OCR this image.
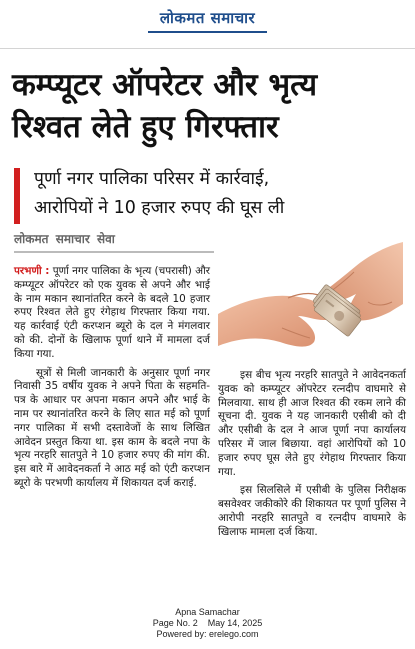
लोकमत समाचार
कम्प्यूटर ऑपरेटर और भृत्य
रिश्वत लेते हुए गिरफ्तार
पूर्णा नगर पालिका परिसर में कार्रवाई,
आरोपियों ने 10 हजार रुपए की घूस ली
लोकमत समाचार सेवा

परभणी : पूर्णा नगर पालिका के भृत्य (चपरासी) और कम्प्यूटर ऑपरेटर को एक युवक से अपने और भाई के नाम मकान स्थानांतरित करने के बदले 10 हजार रुपए रिश्वत लेते हुए रंगेहाथ गिरफ्तार किया गया. यह कार्रवाई एंटी करप्शन ब्यूरो के दल ने मंगलवार को की. दोनों के खिलाफ पूर्णा थाने में मामला दर्ज किया गया.

सूत्रों से मिली जानकारी के अनुसार पूर्णा नगर निवासी 35 वर्षीय युवक ने अपने पिता के सहमति-पत्र के आधार पर अपना मकान अपने और भाई के नाम पर स्थानांतरित करने के लिए सात मई को पूर्णा नगर पालिका में सभी दस्तावेजों के साथ लिखित आवेदन प्रस्तुत किया था. इस काम के बदले नपा के भृत्य नरहरि सातपुते ने 10 हजार रुपए की मांग की. इस बारे में आवेदनकर्ता ने आठ मई को एंटी करप्शन ब्यूरो के परभणी कार्यालय में शिकायत दर्ज कराई.

इस बीच भृत्य नरहरि सातपुते ने आवेदनकर्ता युवक को कम्प्यूटर ऑपरेटर रत्नदीप वाघमारे से मिलवाया. साथ ही आज रिश्वत की रकम लाने की सूचना दी. युवक ने यह जानकारी एसीबी को दी और एसीबी के दल ने आज पूर्णा नपा कार्यालय परिसर में जाल बिछाया. वहां आरोपियों को 10 हजार रुपए घूस लेते हुए रंगेहाथ गिरफ्तार किया गया.

इस सिलसिले में एसीबी के पुलिस निरीक्षक बसवेश्वर जकीकोरे की शिकायत पर पूर्णा पुलिस ने आरोपी नरहरि सातपुते व रत्नदीप वाघमारे के खिलाफ मामला दर्ज किया.

Apna Samachar
Page No. 2    May 14, 2025
Powered by: erelego.com
